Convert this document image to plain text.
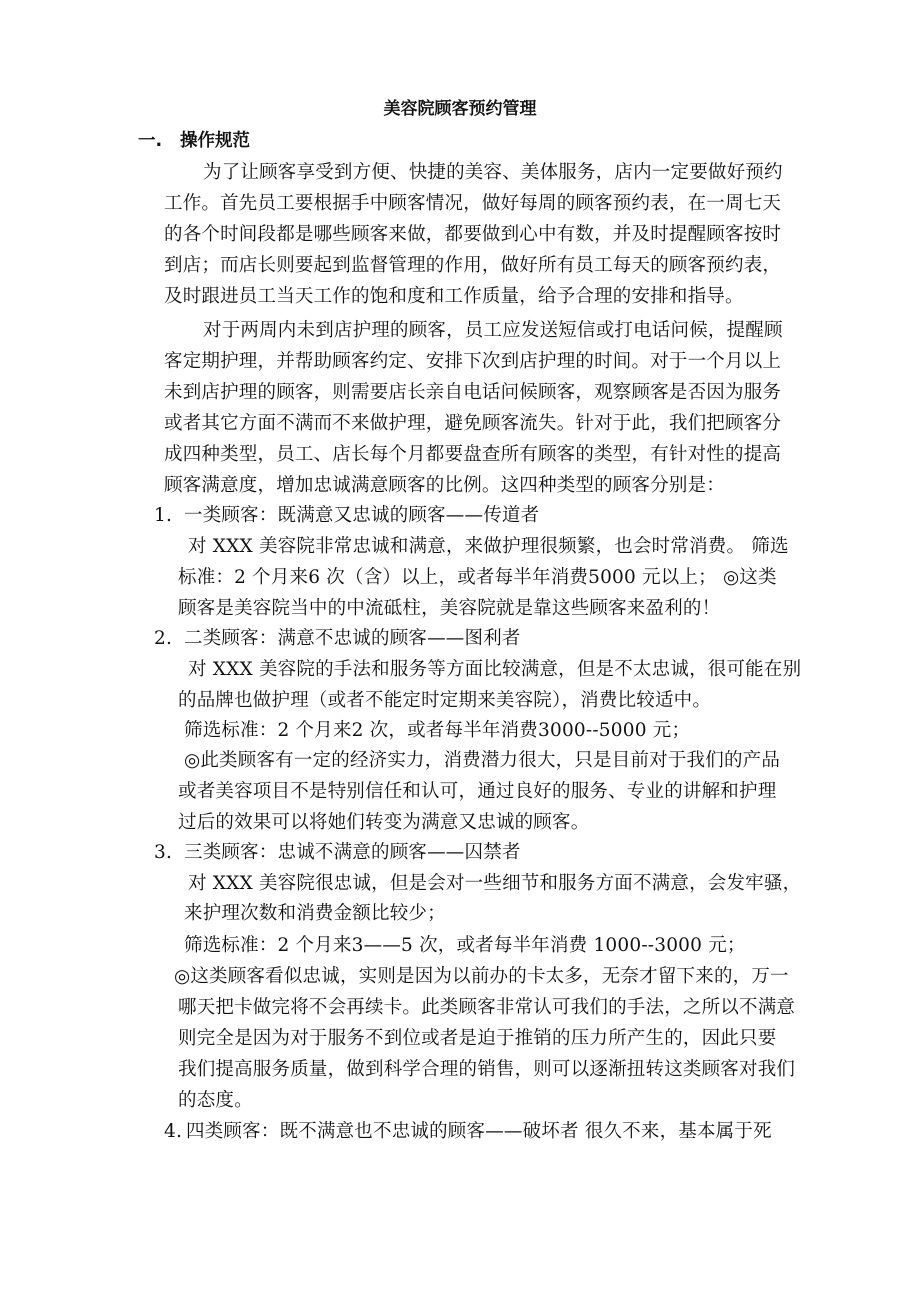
美容院顾客预约管理
一. 操作规范
为了让顾客享受到方便、快捷的美容、美体服务，店内一定要做好预约
工作。首先员工要根据手中顾客情况，做好每周的顾客预约表，在一周七天
的各个时间段都是哪些顾客来做，都要做到心中有数，并及时提醒顾客按时
到店；而店长则要起到监督管理的作用，做好所有员工每天的顾客预约表，
及时跟进员工当天工作的饱和度和工作质量，给予合理的安排和指导。
对于两周内未到店护理的顾客，员工应发送短信或打电话问候，提醒顾
客定期护理，并帮助顾客约定、安排下次到店护理的时间。对于一个月以上
未到店护理的顾客，则需要店长亲自电话问候顾客，观察顾客是否因为服务
或者其它方面不满而不来做护理，避免顾客流失。针对于此，我们把顾客分
成四种类型，员工、店长每个月都要盘查所有顾客的类型，有针对性的提高
顾客满意度，增加忠诚满意顾客的比例。这四种类型的顾客分别是：
1. 一类顾客：既满意又忠诚的顾客——传道者
对 XXX 美容院非常忠诚和满意，来做护理很频繁，也会时常消费。 筛选
标准：2 个月来6 次（含）以上，或者每半年消费5000 元以上； ◎这类
顾客是美容院当中的中流砥柱，美容院就是靠这些顾客来盈利的！
2. 二类顾客：满意不忠诚的顾客——图利者
对 XXX 美容院的手法和服务等方面比较满意，但是不太忠诚，很可能在别
的品牌也做护理（或者不能定时定期来美容院），消费比较适中。
筛选标准：2 个月来2 次，或者每半年消费3000--5000 元；
◎此类顾客有一定的经济实力，消费潜力很大，只是目前对于我们的产品
或者美容项目不是特别信任和认可，通过良好的服务、专业的讲解和护理
过后的效果可以将她们转变为满意又忠诚的顾客。
3. 三类顾客：忠诚不满意的顾客——囚禁者
对 XXX 美容院很忠诚，但是会对一些细节和服务方面不满意，会发牢骚，
来护理次数和消费金额比较少；
筛选标准：2 个月来3——5 次，或者每半年消费 1000--3000 元；
◎这类顾客看似忠诚，实则是因为以前办的卡太多，无奈才留下来的，万一
哪天把卡做完将不会再续卡。此类顾客非常认可我们的手法，之所以不满意
则完全是因为对于服务不到位或者是迫于推销的压力所产生的，因此只要
我们提高服务质量，做到科学合理的销售，则可以逐渐扭转这类顾客对我们
的态度。
4. 四类顾客：既不满意也不忠诚的顾客——破坏者 很久不来，基本属于死
